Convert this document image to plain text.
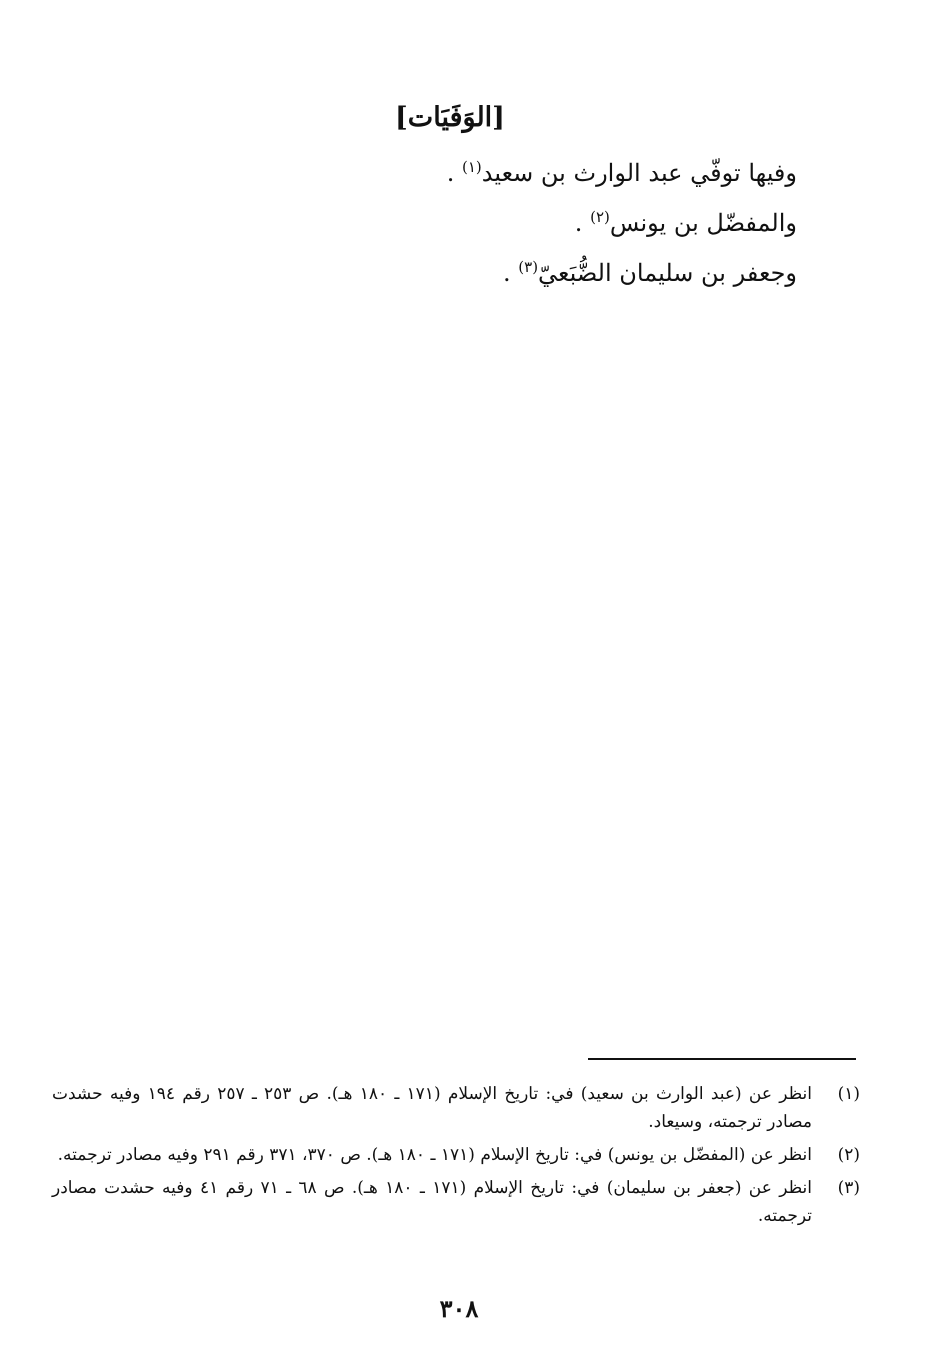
[الوَفَيَات]
وفيها توفّي عبد الوارث بن سعيد$^{(١)}$ .
والمفضّل بن يونس$^{(٢)}$ .
وجعفر بن سليمان الضُّبَعيّ$^{(٣)}$ .
(١)
انظر عن (عبد الوارث بن سعيد) في: تاريخ الإسلام (١٧١ ـ ١٨٠ هـ). ص ٢٥٣ ـ ٢٥٧ رقم ١٩٤ وفيه حشدت مصادر ترجمته، وسيعاد.
(٢)
انظر عن (المفضّل بن يونس) في: تاريخ الإسلام (١٧١ ـ ١٨٠ هـ). ص ٣٧٠، ٣٧١ رقم ٢٩١ وفيه مصادر ترجمته.
(٣)
انظر عن (جعفر بن سليمان) في: تاريخ الإسلام (١٧١ ـ ١٨٠ هـ). ص ٦٨ ـ ٧١ رقم ٤١ وفيه حشدت مصادر ترجمته.
٣٠٨
